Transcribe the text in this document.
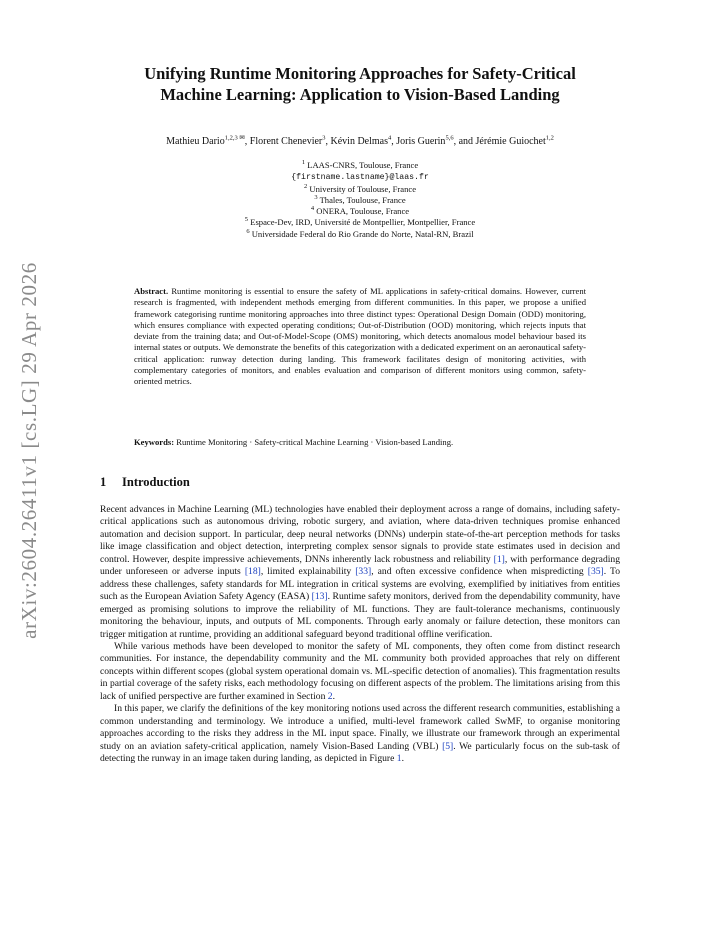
arXiv:2604.26411v1 [cs.LG] 29 Apr 2026
Unifying Runtime Monitoring Approaches for Safety-Critical
Machine Learning: Application to Vision-Based Landing
Mathieu Dario$^{1,2,3 ✉}$, Florent Chenevier$^3$, Kévin Delmas$^4$, Joris Guerin$^{5,6}$, and Jérémie Guiochet$^{1,2}$
$^1$ LAAS-CNRS, Toulouse, France
{firstname.lastname}@laas.fr
$^2$ University of Toulouse, France
$^3$ Thales, Toulouse, France
$^4$ ONERA, Toulouse, France
$^5$ Espace-Dev, IRD, Université de Montpellier, Montpellier, France
$^6$ Universidade Federal do Rio Grande do Norte, Natal-RN, Brazil
Abstract. Runtime monitoring is essential to ensure the safety of ML applications in safety-critical domains. However, current research is fragmented, with independent methods emerging from different communities. In this paper, we propose a unified framework categorising runtime monitoring approaches into three distinct types: Operational Design Domain (ODD) monitoring, which ensures compliance with expected operating conditions; Out-of-Distribution (OOD) monitoring, which rejects inputs that deviate from the training data; and Out-of-Model-Scope (OMS) monitoring, which detects anomalous model behaviour based its internal states or outputs. We demonstrate the benefits of this categorization with a dedicated experiment on an aeronautical safety-critical application: runway detection during landing. This framework facilitates design of monitoring activities, with complementary categories of monitors, and enables evaluation and comparison of different monitors using common, safety-oriented metrics.
Keywords: Runtime Monitoring · Safety-critical Machine Learning · Vision-based Landing.
1 Introduction

Recent advances in Machine Learning (ML) technologies have enabled their deployment across a range of domains, including safety-critical applications such as autonomous driving, robotic surgery, and aviation, where data-driven techniques promise enhanced automation and decision support. In particular, deep neural networks (DNNs) underpin state-of-the-art perception methods for tasks like image classification and object detection, interpreting complex sensor signals to provide state estimates used in decision and control. However, despite impressive achievements, DNNs inherently lack robustness and reliability [1], with performance degrading under unforeseen or adverse inputs [18], limited explainability [33], and often excessive confidence when mispredicting [35]. To address these challenges, safety standards for ML integration in critical systems are evolving, exemplified by initiatives from entities such as the European Aviation Safety Agency (EASA) [13]. Runtime safety monitors, derived from the dependability community, have emerged as promising solutions to improve the reliability of ML functions. They are fault-tolerance mechanisms, continuously monitoring the behaviour, inputs, and outputs of ML components. Through early anomaly or failure detection, these monitors can trigger mitigation at runtime, providing an additional safeguard beyond traditional offline verification.

While various methods have been developed to monitor the safety of ML components, they often come from distinct research communities. For instance, the dependability community and the ML community both provided approaches that rely on different concepts within different scopes (global system operational domain vs. ML-specific detection of anomalies). This fragmentation results in partial coverage of the safety risks, each methodology focusing on different aspects of the problem. The limitations arising from this lack of unified perspective are further examined in Section 2.

In this paper, we clarify the definitions of the key monitoring notions used across the different research communities, establishing a common understanding and terminology. We introduce a unified, multi-level framework called SwMF, to organise monitoring approaches according to the risks they address in the ML input space. Finally, we illustrate our framework through an experimental study on an aviation safety-critical application, namely Vision-Based Landing (VBL) [5]. We particularly focus on the sub-task of detecting the runway in an image taken during landing, as depicted in Figure 1.
